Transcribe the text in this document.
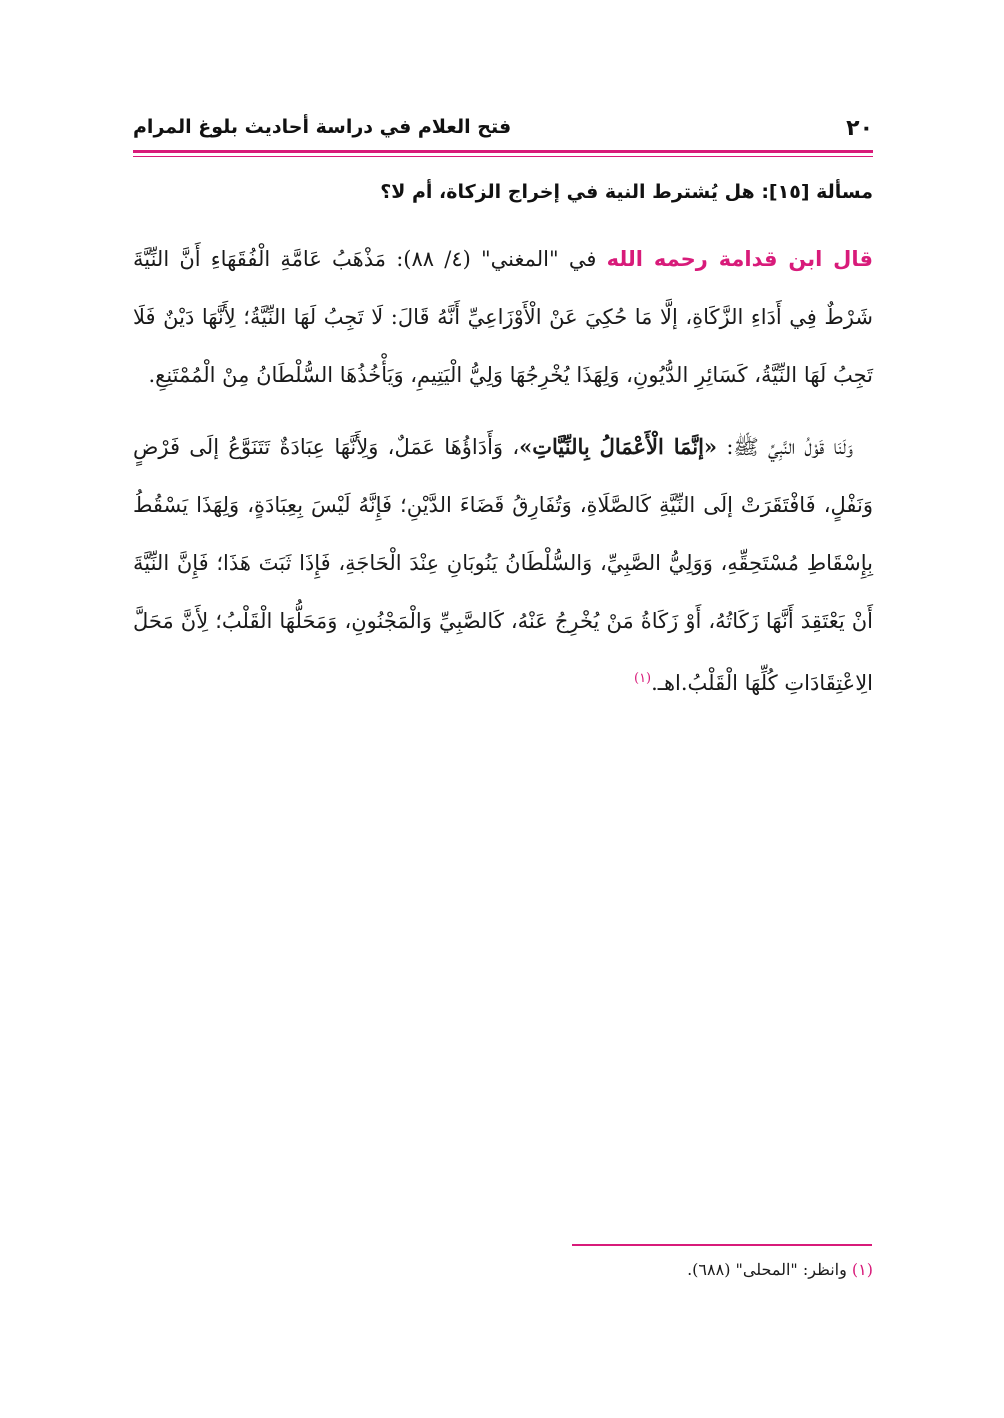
٢٠
فتح العلام في دراسة أحاديث بلوغ المرام
مسألة [١٥]: هل يُشترط النية في إخراج الزكاة، أم لا؟

قال ابن قدامة رحمه الله في "المغني" (٤/ ٨٨): مَذْهَبُ عَامَّةِ الْفُقَهَاءِ أَنَّ النِّيَّةَ شَرْطٌ فِي أَدَاءِ الزَّكَاةِ، إلَّا مَا حُكِيَ عَنْ الْأَوْزَاعِيِّ أَنَّهُ قَالَ: لَا تَجِبُ لَهَا النِّيَّةُ؛ لِأَنَّهَا دَيْنٌ فَلَا تَجِبُ لَهَا النِّيَّةُ، كَسَائِرِ الدُّيُونِ، وَلِهَذَا يُخْرِجُهَا وَلِيُّ الْيَتِيمِ، وَيَأْخُذُهَا السُّلْطَانُ مِنْ الْمُمْتَنِعِ.

وَلَنَا قَوْلُ النَّبِيِّ ﷺ: «إنَّمَا الْأَعْمَالُ بِالنِّيَّاتِ»، وَأَدَاؤُهَا عَمَلٌ، وَلِأَنَّهَا عِبَادَةٌ تَتَنَوَّعُ إلَى فَرْضٍ وَنَفْلٍ، فَافْتَقَرَتْ إلَى النِّيَّةِ كَالصَّلَاةِ، وَتُفَارِقُ قَضَاءَ الدَّيْنِ؛ فَإِنَّهُ لَيْسَ بِعِبَادَةٍ، وَلِهَذَا يَسْقُطُ بِإِسْقَاطِ مُسْتَحِقِّهِ، وَوَلِيُّ الصَّبِيِّ، وَالسُّلْطَانُ يَنُوبَانِ عِنْدَ الْحَاجَةِ، فَإِذَا ثَبَتَ هَذَا؛ فَإِنَّ النِّيَّةَ أَنْ يَعْتَقِدَ أَنَّهَا زَكَاتُهُ، أَوْ زَكَاةُ مَنْ يُخْرِجُ عَنْهُ، كَالصَّبِيِّ وَالْمَجْنُونِ، وَمَحَلُّهَا الْقَلْبُ؛ لِأَنَّ مَحَلَّ الِاعْتِقَادَاتِ كُلِّهَا الْقَلْبُ.اهـ.$^{(١)}$

(١) وانظر: "المحلى" (٦٨٨).
